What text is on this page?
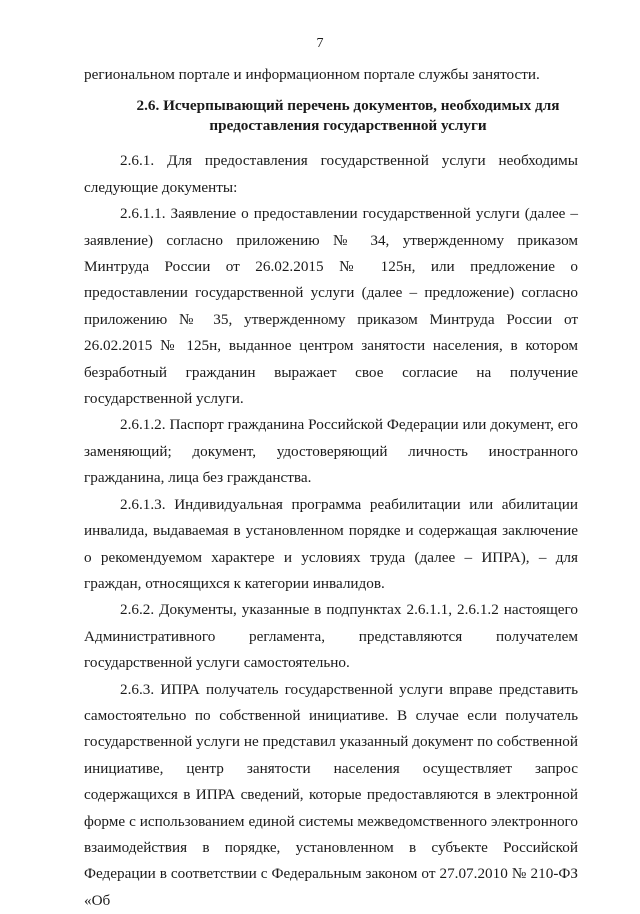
7

региональном портале и информационном портале службы занятости.

2.6. Исчерпывающий перечень документов, необходимых для предоставления государственной услуги

2.6.1. Для предоставления государственной услуги необходимы следующие документы:

2.6.1.1. Заявление о предоставлении государственной услуги (далее – заявление) согласно приложению № 34, утвержденному приказом Минтруда России от 26.02.2015 № 125н, или предложение о предоставлении государственной услуги (далее – предложение) согласно приложению № 35, утвержденному приказом Минтруда России от 26.02.2015 № 125н, выданное центром занятости населения, в котором безработный гражданин выражает свое согласие на получение государственной услуги.

2.6.1.2. Паспорт гражданина Российской Федерации или документ, его заменяющий; документ, удостоверяющий личность иностранного гражданина, лица без гражданства.

2.6.1.3. Индивидуальная программа реабилитации или абилитации инвалида, выдаваемая в установленном порядке и содержащая заключение о рекомендуемом характере и условиях труда (далее – ИПРА), – для граждан, относящихся к категории инвалидов.

2.6.2. Документы, указанные в подпунктах 2.6.1.1, 2.6.1.2 настоящего Административного регламента, представляются получателем государственной услуги самостоятельно.

2.6.3. ИПРА получатель государственной услуги вправе представить самостоятельно по собственной инициативе. В случае если получатель государственной услуги не представил указанный документ по собственной инициативе, центр занятости населения осуществляет запрос содержащихся в ИПРА сведений, которые предоставляются в электронной форме с использованием единой системы межведомственного электронного взаимодействия в порядке, установленном в субъекте Российской Федерации в соответствии с Федеральным законом от 27.07.2010 № 210-ФЗ «Об
